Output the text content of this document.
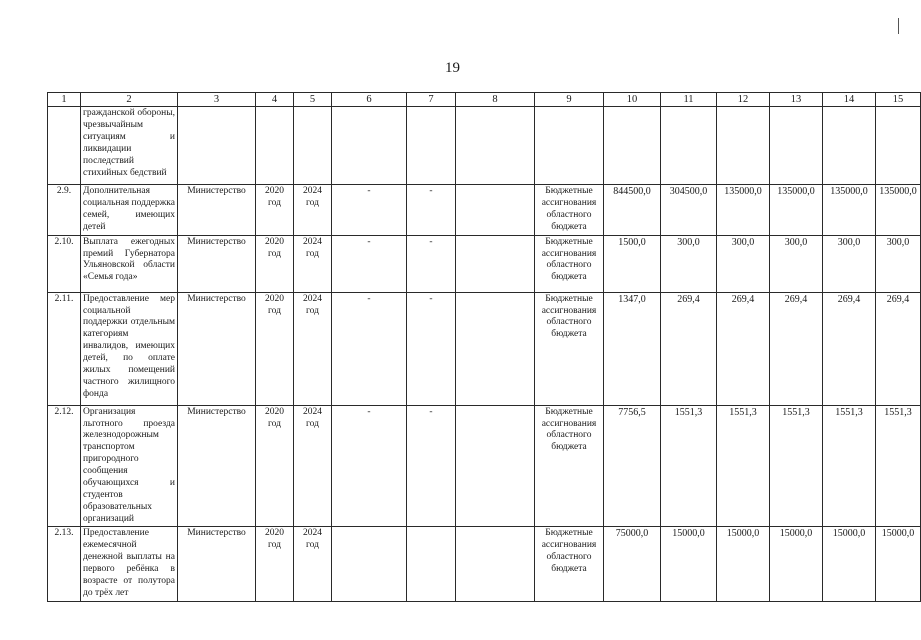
19
1	2	3	4	5	6	7	8	9	10	11	12	13	14	15
	гражданской обороны, чрезвычайным ситуациям и ликвидации последствий стихийных бедствий													
2.9.	Дополнительная социальная поддержка семей, имеющих детей	Министерство	2020 год	2024 год	-	-		Бюджетные ассигнования областного бюджета	844500,0	304500,0	135000,0	135000,0	135000,0	135000,0
2.10.	Выплата ежегодных премий Губернатора Ульяновской области «Семья года»	Министерство	2020 год	2024 год	-	-		Бюджетные ассигнования областного бюджета	1500,0	300,0	300,0	300,0	300,0	300,0
2.11.	Предоставление мер социальной поддержки отдельным категориям инвалидов, имеющих детей, по оплате жилых помещений частного жилищного фонда	Министерство	2020 год	2024 год	-	-		Бюджетные ассигнования областного бюджета	1347,0	269,4	269,4	269,4	269,4	269,4
2.12.	Организация льготного проезда железнодорожным транспортом пригородного сообщения обучающихся и студентов образовательных организаций	Министерство	2020 год	2024 год	-	-		Бюджетные ассигнования областного бюджета	7756,5	1551,3	1551,3	1551,3	1551,3	1551,3
2.13.	Предоставление ежемесячной денежной выплаты на первого ребёнка в возрасте от полутора до трёх лет	Министерство	2020 год	2024 год				Бюджетные ассигнования областного бюджета	75000,0	15000,0	15000,0	15000,0	15000,0	15000,0
